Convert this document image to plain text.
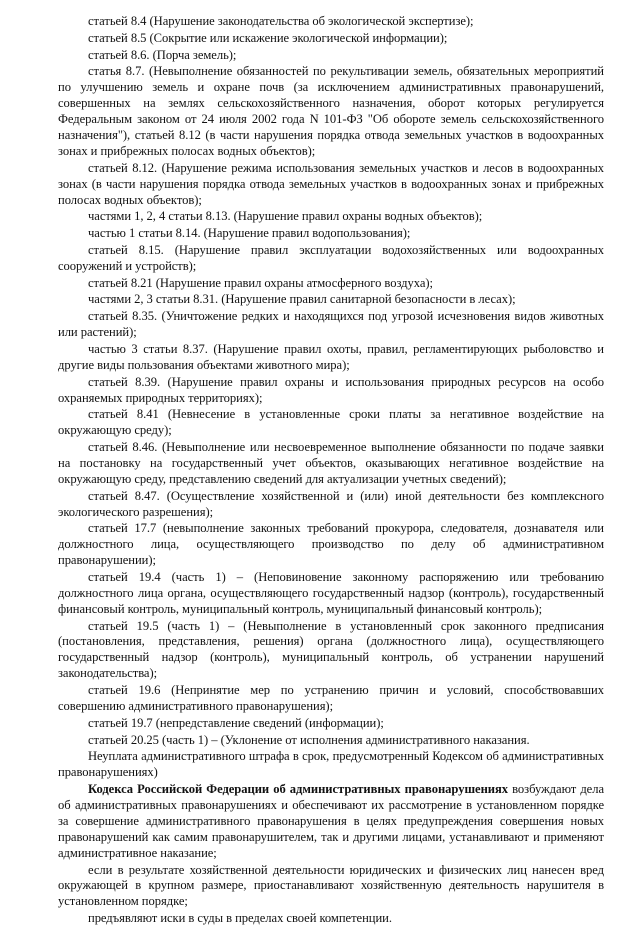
статьей 8.4 (Нарушение законодательства об экологической экспертизе);

статьей 8.5 (Сокрытие или искажение экологической информации);

статьей 8.6. (Порча земель);

статья 8.7. (Невыполнение обязанностей по рекультивации земель, обязательных мероприятий по улучшению земель и охране почв (за исключением административных правонарушений, совершенных на землях сельскохозяйственного назначения, оборот которых регулируется Федеральным законом от 24 июля 2002 года N 101-ФЗ "Об обороте земель сельскохозяйственного назначения"), статьей 8.12 (в части нарушения порядка отвода земельных участков в водоохранных зонах и прибрежных полосах водных объектов);

статьей 8.12. (Нарушение режима использования земельных участков и лесов в водоохранных зонах (в части нарушения порядка отвода земельных участков в водоохранных зонах и прибрежных полосах водных объектов);

частями 1, 2, 4 статьи 8.13. (Нарушение правил охраны водных объектов);

частью 1 статьи 8.14. (Нарушение правил водопользования);

статьей 8.15. (Нарушение правил эксплуатации водохозяйственных или водоохранных сооружений и устройств);

статьей 8.21 (Нарушение правил охраны атмосферного воздуха);

частями 2, 3 статьи 8.31. (Нарушение правил санитарной безопасности в лесах);

статьей 8.35. (Уничтожение редких и находящихся под угрозой исчезновения видов животных или растений);

частью 3 статьи 8.37. (Нарушение правил охоты, правил, регламентирующих рыболовство и другие виды пользования объектами животного мира);

статьей 8.39. (Нарушение правил охраны и использования природных ресурсов на особо охраняемых природных территориях);

статьей 8.41 (Невнесение в установленные сроки платы за негативное воздействие на окружающую среду);

статьей 8.46. (Невыполнение или несвоевременное выполнение обязанности по подаче заявки на постановку на государственный учет объектов, оказывающих негативное воздействие на окружающую среду, представлению сведений для актуализации учетных сведений);

статьей 8.47. (Осуществление хозяйственной и (или) иной деятельности без комплексного экологического разрешения);

статьей 17.7 (невыполнение законных требований прокурора, следователя, дознавателя или должностного лица, осуществляющего производство по делу об административном правонарушении);

статьей 19.4 (часть 1) – (Неповиновение законному распоряжению или требованию должностного лица органа, осуществляющего государственный надзор (контроль), государственный финансовый контроль, муниципальный контроль, муниципальный финансовый контроль);

статьей 19.5 (часть 1) – (Невыполнение в установленный срок законного предписания (постановления, представления, решения) органа (должностного лица), осуществляющего государственный надзор (контроль), муниципальный контроль, об устранении нарушений законодательства);

статьей 19.6 (Непринятие мер по устранению причин и условий, способствовавших совершению административного правонарушения);

статьей 19.7 (непредставление сведений (информации);

статьей 20.25 (часть 1) – (Уклонение от исполнения административного наказания.

Неуплата административного штрафа в срок, предусмотренный Кодексом об административных правонарушениях)

Кодекса Российской Федерации об административных правонарушениях возбуждают дела об административных правонарушениях и обеспечивают их рассмотрение в установленном порядке за совершение административного правонарушения в целях предупреждения совершения новых правонарушений как самим правонарушителем, так и другими лицами, устанавливают и применяют административное наказание;

если в результате хозяйственной деятельности юридических и физических лиц нанесен вред окружающей в крупном размере, приостанавливают хозяйственную деятельность нарушителя в установленном порядке;

предъявляют иски в суды в пределах своей компетенции.
